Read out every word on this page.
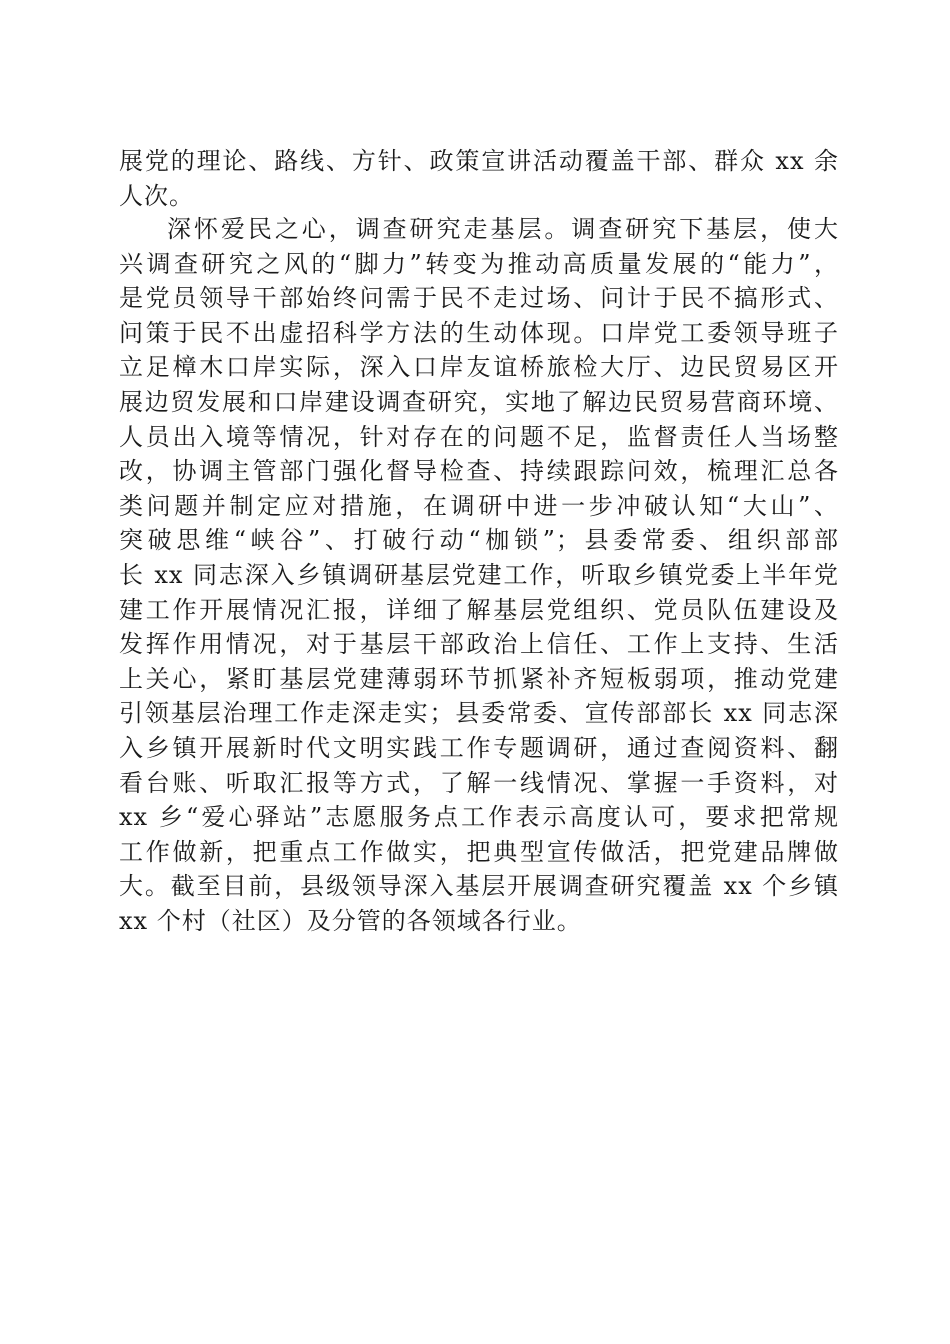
展党的理论、路线、方针、政策宣讲活动覆盖干部、群众 xx 余
人次。
深怀爱民之心，调查研究走基层。调查研究下基层，使大
兴调查研究之风的“脚力”转变为推动高质量发展的“能力”，
是党员领导干部始终问需于民不走过场、问计于民不搞形式、
问策于民不出虚招科学方法的生动体现。口岸党工委领导班子
立足樟木口岸实际，深入口岸友谊桥旅检大厅、边民贸易区开
展边贸发展和口岸建设调查研究，实地了解边民贸易营商环境、
人员出入境等情况，针对存在的问题不足，监督责任人当场整
改，协调主管部门强化督导检查、持续跟踪问效，梳理汇总各
类问题并制定应对措施，在调研中进一步冲破认知“大山”、
突破思维“峡谷”、打破行动“枷锁”；县委常委、组织部部
长 xx 同志深入乡镇调研基层党建工作，听取乡镇党委上半年党
建工作开展情况汇报，详细了解基层党组织、党员队伍建设及
发挥作用情况，对于基层干部政治上信任、工作上支持、生活
上关心，紧盯基层党建薄弱环节抓紧补齐短板弱项，推动党建
引领基层治理工作走深走实；县委常委、宣传部部长 xx 同志深
入乡镇开展新时代文明实践工作专题调研，通过查阅资料、翻
看台账、听取汇报等方式，了解一线情况、掌握一手资料，对
xx 乡“爱心驿站”志愿服务点工作表示高度认可，要求把常规
工作做新，把重点工作做实，把典型宣传做活，把党建品牌做
大。截至目前，县级领导深入基层开展调查研究覆盖 xx 个乡镇
xx 个村（社区）及分管的各领域各行业。
